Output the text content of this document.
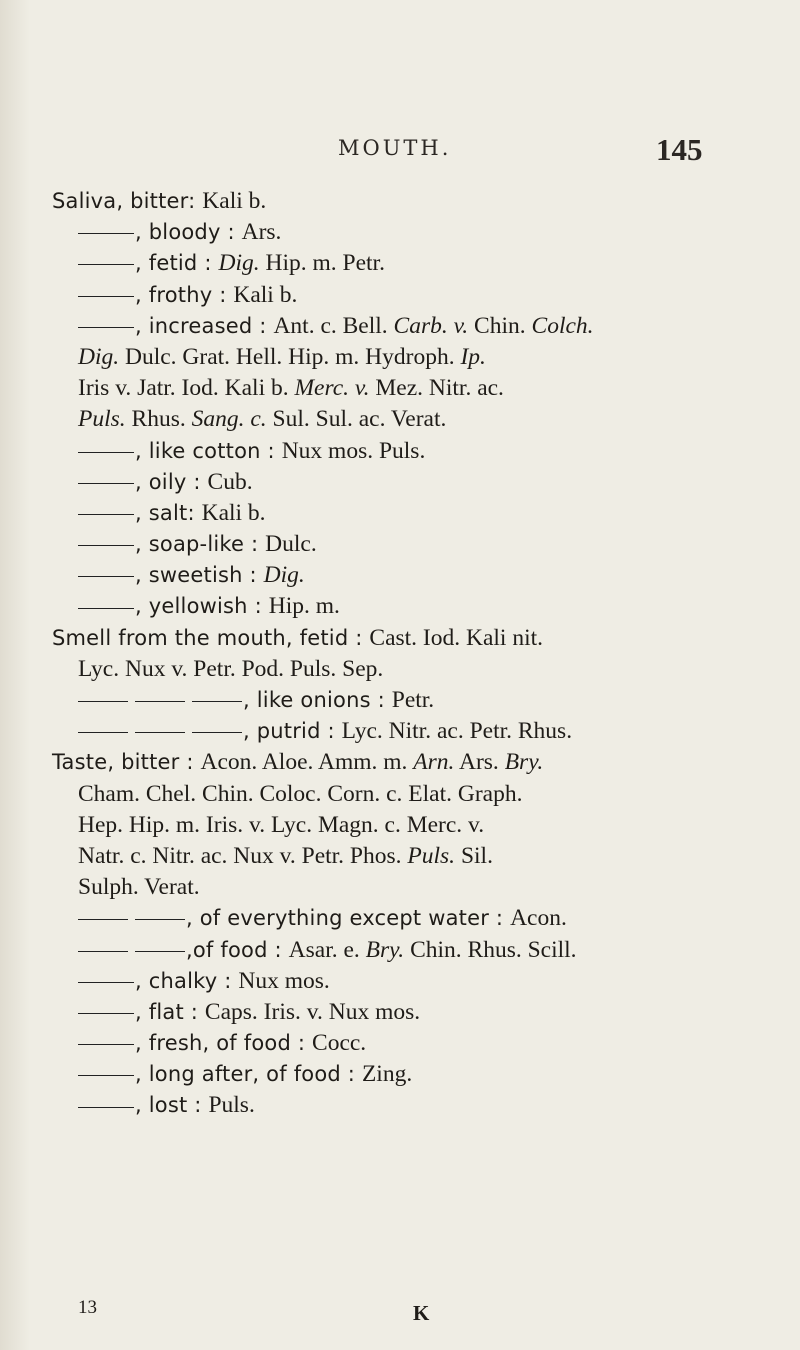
MOUTH.	145
Saliva, bitter: Kali b.
, bloody : Ars.
, fetid : Dig. Hip. m. Petr.
, frothy : Kali b.
, increased : Ant. c. Bell. Carb. v. Chin. Colch.
Dig. Dulc. Grat. Hell. Hip. m. Hydroph. Ip.
Iris v. Jatr. Iod. Kali b. Merc. v. Mez. Nitr. ac.
Puls. Rhus. Sang. c. Sul. Sul. ac. Verat.
, like cotton : Nux mos. Puls.
, oily : Cub.
, salt: Kali b.
, soap-like : Dulc.
, sweetish : Dig.
, yellowish : Hip. m.
Smell from the mouth, fetid : Cast. Iod. Kali nit.
Lyc. Nux v. Petr. Pod. Puls. Sep.
, like onions : Petr.
, putrid : Lyc. Nitr. ac. Petr. Rhus.
Taste, bitter : Acon. Aloe. Amm. m. Arn. Ars. Bry.
Cham. Chel. Chin. Coloc. Corn. c. Elat. Graph.
Hep. Hip. m. Iris. v. Lyc. Magn. c. Merc. v.
Natr. c. Nitr. ac. Nux v. Petr. Phos. Puls. Sil.
Sulph. Verat.
, of everything except water : Acon.
,of food : Asar. e. Bry. Chin. Rhus. Scill.
, chalky : Nux mos.
, flat : Caps. Iris. v. Nux mos.
, fresh, of food : Cocc.
, long after, of food : Zing.
, lost : Puls.
13	K
